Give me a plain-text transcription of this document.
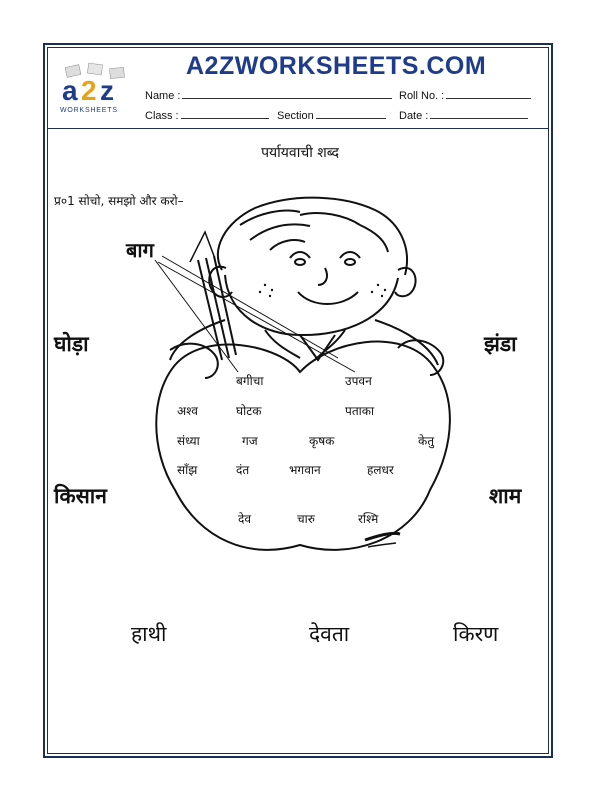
a 2 z
WORKSHEETS
A2ZWORKSHEETS.COM
Name :	Roll No. :
Class :	Section	Date :
पर्यायवाची शब्द
प्र०1 सोचो, समझो और करो–
बाग
घोड़ा	झंडा
किसान	शाम
बगीचा	उपवन
अश्व	घोटक	पताका
संध्या	गज	कृषक	केतु
साँझ	दंत	भगवान	हलधर
देव	चारु	रश्मि
हाथी	देवता	किरण
